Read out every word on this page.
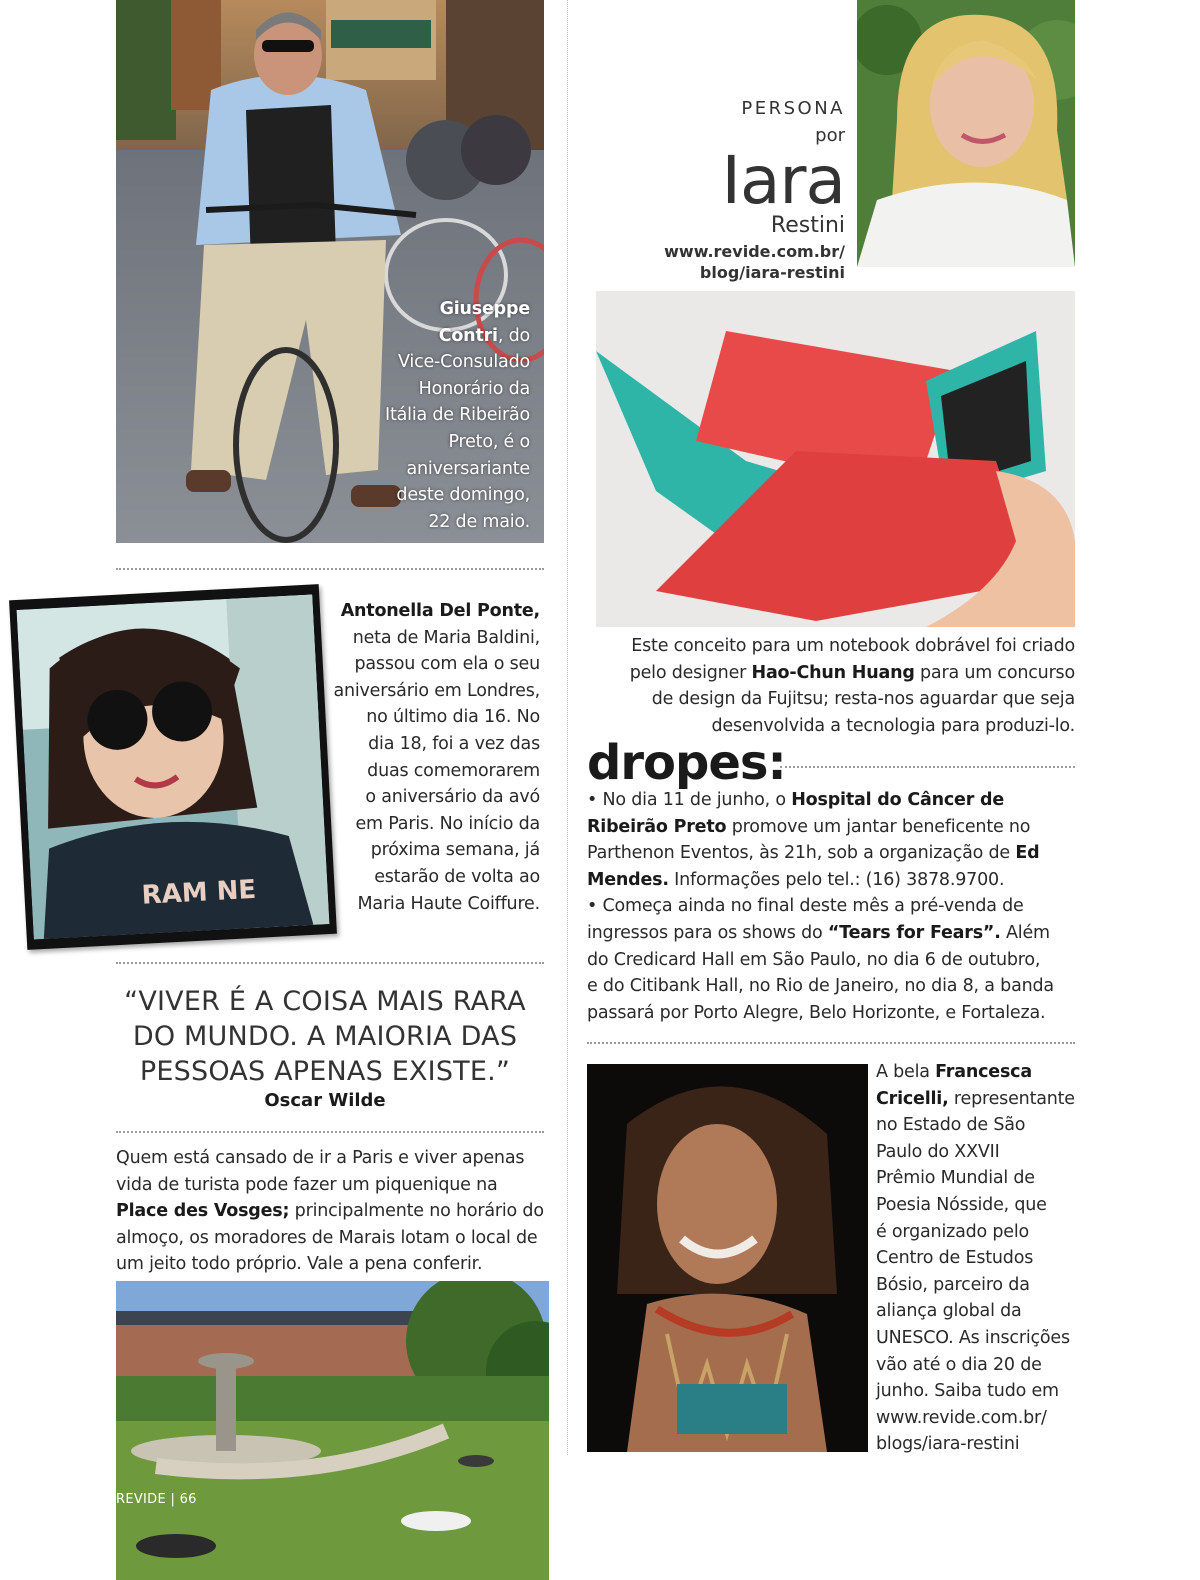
Giuseppe
Contri, do
Vice-Consulado
Honorário da
Itália de Ribeirão
Preto, é o
aniversariante
deste domingo,
22 de maio.
RAM NE
Antonella Del Ponte,
neta de Maria Baldini,
passou com ela o seu
aniversário em Londres,
no último dia 16. No
dia 18, foi a vez das
duas comemorarem
o aniversário da avó
em Paris. No início da
próxima semana, já
estarão de volta ao
Maria Haute Coiffure.
“VIVER É A COISA MAIS RARA
DO MUNDO. A MAIORIA DAS
PESSOAS APENAS EXISTE.”
Oscar Wilde
Quem está cansado de ir a Paris e viver apenas
vida de turista pode fazer um piquenique na
Place des Vosges; principalmente no horário do
almoço, os moradores de Marais lotam o local de
um jeito todo próprio. Vale a pena conferir.
REVIDE | 66
PERSONA
por
Iara
Restini
www.revide.com.br/
blog/iara-restini
Este conceito para um notebook dobrável foi criado
pelo designer Hao-Chun Huang para um concurso
de design da Fujitsu; resta-nos aguardar que seja
desenvolvida a tecnologia para produzi-lo.
dropes:
• No dia 11 de junho, o Hospital do Câncer de
Ribeirão Preto promove um jantar beneficente no
Parthenon Eventos, às 21h, sob a organização de Ed
Mendes. Informações pelo tel.: (16) 3878.9700.
• Começa ainda no final deste mês a pré-venda de
ingressos para os shows do “Tears for Fears”. Além
do Credicard Hall em São Paulo, no dia 6 de outubro,
e do Citibank Hall, no Rio de Janeiro, no dia 8, a banda
passará por Porto Alegre, Belo Horizonte, e Fortaleza.
A bela Francesca
Cricelli, representante
no Estado de São
Paulo do XXVII
Prêmio Mundial de
Poesia Nósside, que
é organizado pelo
Centro de Estudos
Bósio, parceiro da
aliança global da
UNESCO. As inscrições
vão até o dia 20 de
junho. Saiba tudo em
www.revide.com.br/
blogs/iara-restini
